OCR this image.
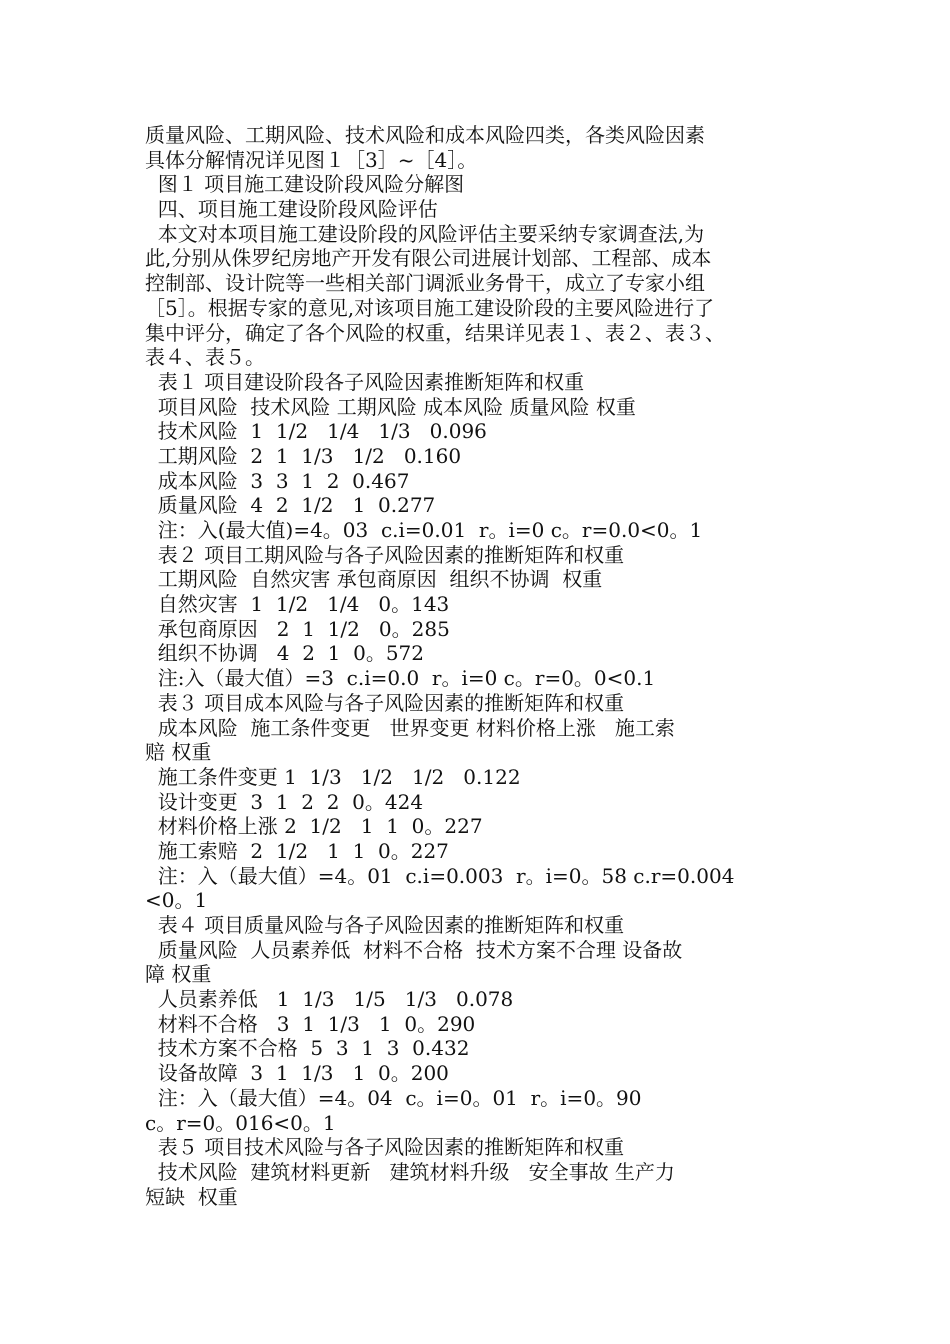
质量风险、工期风险、技术风险和成本风险四类，各类风险因素
具体分解情况详见图１［3］~［4］。
图１ 项目施工建设阶段风险分解图
四、项目施工建设阶段风险评估
本文对本项目施工建设阶段的风险评估主要采纳专家调查法,为
此,分别从侏罗纪房地产开发有限公司进展计划部、工程部、成本
控制部、设计院等一些相关部门调派业务骨干，成立了专家小组
［5］。根据专家的意见,对该项目施工建设阶段的主要风险进行了
集中评分，确定了各个风险的权重，结果详见表１、表２、表３、
表４、表５。
表１ 项目建设阶段各子风险因素推断矩阵和权重
项目风险  技术风险 工期风险 成本风险 质量风险 权重
技术风险  1  1/2   1/4   1/3   0.096
工期风险  2  1  1/3   1/2   0.160
成本风险  3  3  1  2  0.467
质量风险  4  2  1/2   1  0.277
注：入(最大值)=4。03  c.i=0.01  r。i=0 c。r=0.0<0。1
表２ 项目工期风险与各子风险因素的推断矩阵和权重
工期风险  自然灾害 承包商原因  组织不协调  权重
自然灾害  1  1/2   1/4   0。143
承包商原因   2  1  1/2   0。285
组织不协调   4  2  1  0。572
注:入（最大值）=3  c.i=0.0  r。i=0 c。r=0。0<0.1
表３ 项目成本风险与各子风险因素的推断矩阵和权重
成本风险  施工条件变更   世界变更 材料价格上涨   施工索
赔 权重
施工条件变更 1  1/3   1/2   1/2   0.122
设计变更  3  1  2  2  0。424
材料价格上涨 2  1/2   1  1  0。227
施工索赔  2  1/2   1  1  0。227
注：入（最大值）=4。01  c.i=0.003  r。i=0。58 c.r=0.004
<0。1
表４ 项目质量风险与各子风险因素的推断矩阵和权重
质量风险  人员素养低  材料不合格  技术方案不合理 设备故
障 权重
人员素养低   1  1/3   1/5   1/3   0.078
材料不合格   3  1  1/3   1  0。290
技术方案不合格  5  3  1  3  0.432
设备故障  3  1  1/3   1  0。200
注：入（最大值）=4。04  c。i=0。01  r。i=0。90
c。r=0。016<0。1
表５ 项目技术风险与各子风险因素的推断矩阵和权重
技术风险  建筑材料更新   建筑材料升级   安全事故 生产力
短缺  权重
